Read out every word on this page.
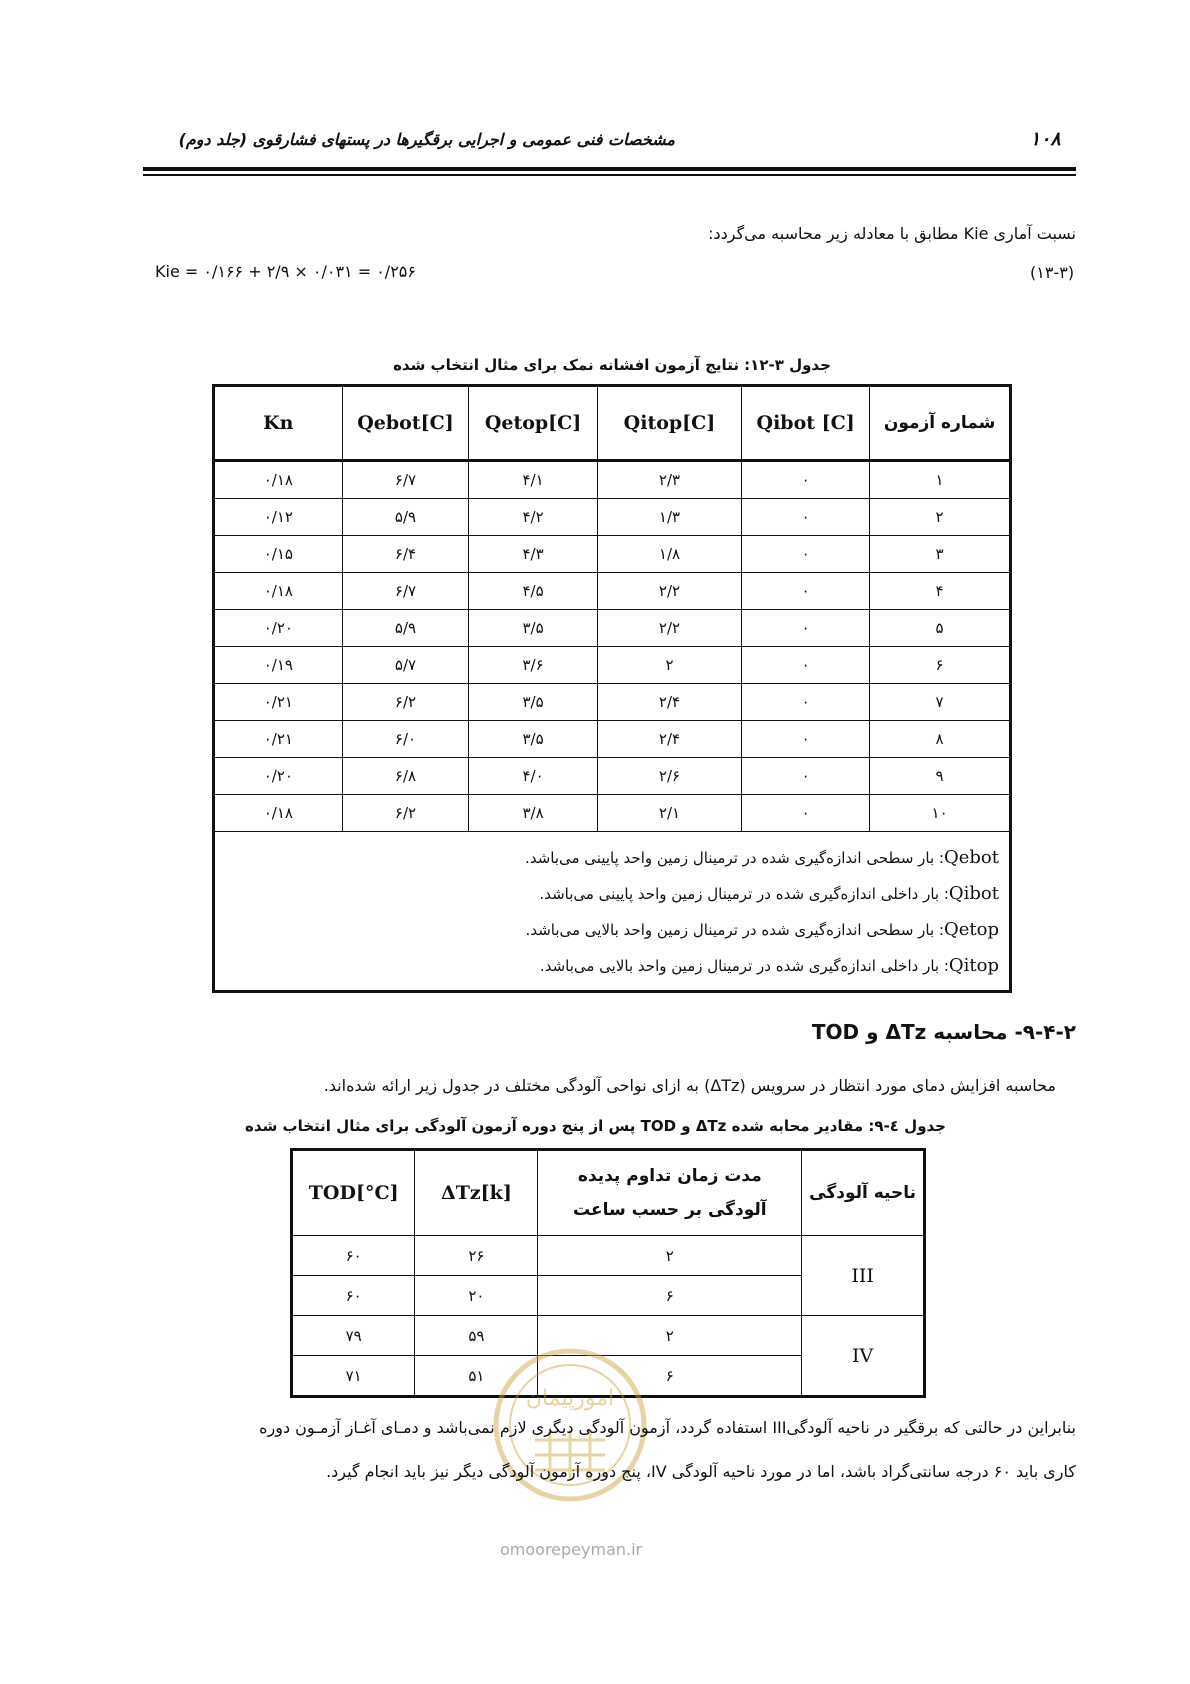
۱۰۸
مشخصات فنی عمومی و اجرایی برقگیرها در پستهای فشارقوی (جلد دوم)
نسبت آماری Kie مطابق با معادله زیر محاسبه می‌گردد:
(۱۳-۳)
Kie = ۰/۱۶۶ + ۲/۹ × ۰/۰۳۱ = ۰/۲۵۶
جدول ۳-۱۲: نتایج آزمون افشانه نمک برای مثال انتخاب شده
شماره آزمون	Qibot [C]	Qitop[C]	Qetop[C]	Qebot[C]	Kn
۱	۰	۲/۳	۴/۱	۶/۷	۰/۱۸
۲	۰	۱/۳	۴/۲	۵/۹	۰/۱۲
۳	۰	۱/۸	۴/۳	۶/۴	۰/۱۵
۴	۰	۲/۲	۴/۵	۶/۷	۰/۱۸
۵	۰	۲/۲	۳/۵	۵/۹	۰/۲۰
۶	۰	۲	۳/۶	۵/۷	۰/۱۹
۷	۰	۲/۴	۳/۵	۶/۲	۰/۲۱
۸	۰	۲/۴	۳/۵	۶/۰	۰/۲۱
۹	۰	۲/۶	۴/۰	۶/۸	۰/۲۰
۱۰	۰	۲/۱	۳/۸	۶/۲	۰/۱۸

Qebot: بار سطحی اندازه‌گیری شده در ترمینال زمین واحد پایینی می‌باشد.
Qibot: بار داخلی اندازه‌گیری شده در ترمینال زمین واحد پایینی می‌باشد.
Qetop: بار سطحی اندازه‌گیری شده در ترمینال زمین واحد بالایی می‌باشد.
Qitop: بار داخلی اندازه‌گیری شده در ترمینال زمین واحد بالایی می‌باشد.					
۹-۴-۲- محاسبه ΔTz و TOD
محاسبه افزایش دمای مورد انتظار در سرویس (ΔTz) به ازای نواحی آلودگی مختلف در جدول زیر ارائه شده‌اند.
جدول ٤-٩: مقادیر محابه شده ΔTz و TOD پس از پنج دوره آزمون آلودگی برای مثال انتخاب شده
ناحیه آلودگی	مدت زمان تداوم پدیده آلودگی بر حسب ساعت	ΔTz[k]	TOD[°C]
III	۲	۲۶	۶۰
	۶	۲۰	۶۰
IV	۲	۵۹	۷۹
	۶	۵۱	۷۱
امورپیمان
omoorepeyman.ir
بنابراین در حالتی که برقگیر در ناحیه آلودگیIII استفاده گردد، آزمون آلودگی دیگری لازم نمی‌باشد و دمـای آغـاز آزمـون دوره
کاری باید ۶۰ درجه سانتی‌گراد باشد، اما در مورد ناحیه آلودگی IV، پنج دوره آزمون آلودگی دیگر نیز باید انجام گیرد.
